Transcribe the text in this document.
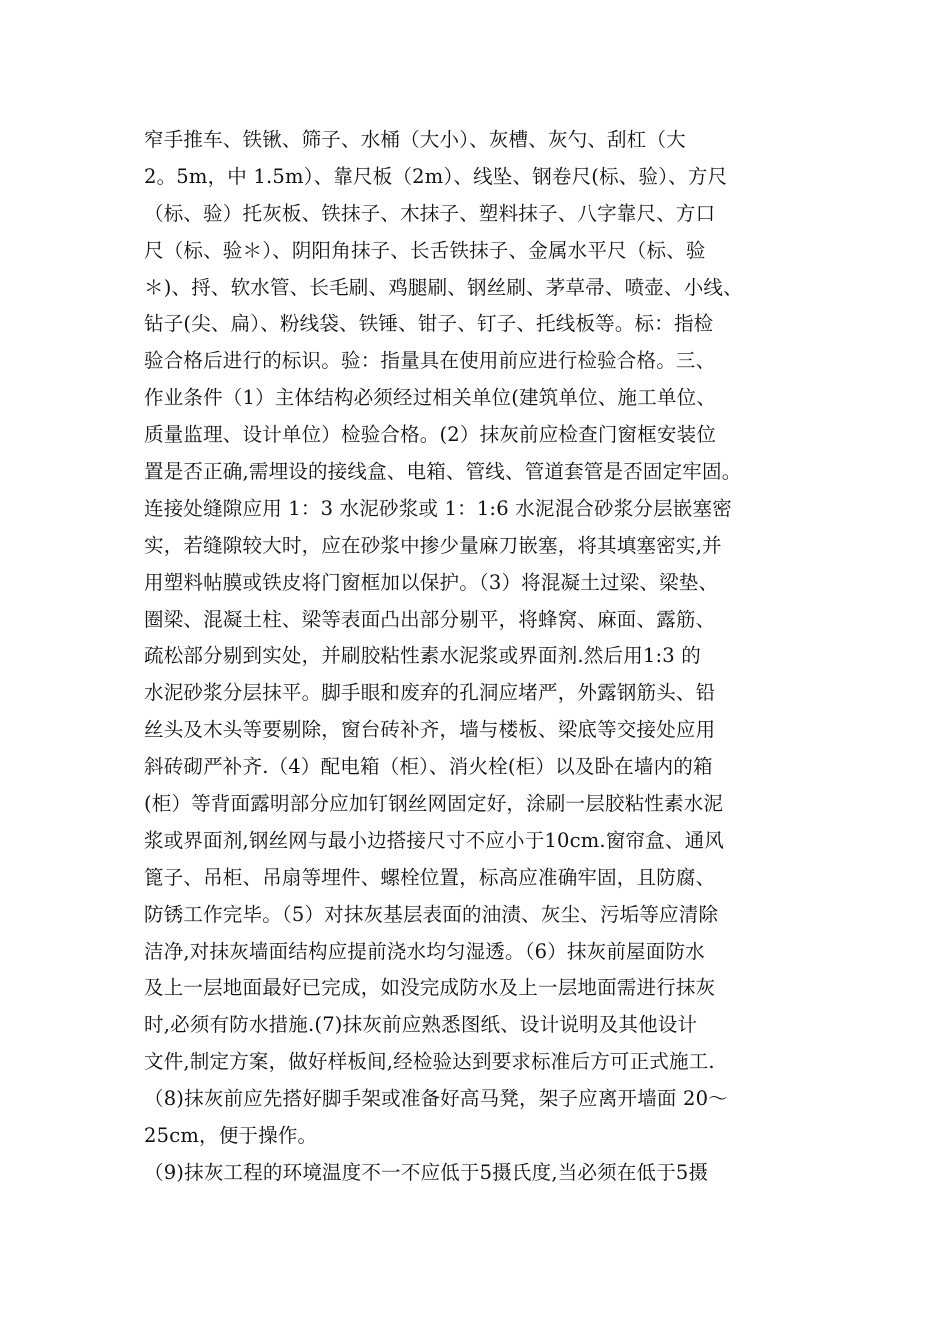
窄手推车、铁锹、筛子、水桶（大小）、灰槽、灰勺、刮杠（大
2。5m，中 1.5m）、靠尺板（2m）、线坠、钢卷尺(标、验）、方尺
（标、验）托灰板、铁抹子、木抹子、塑料抹子、八字靠尺、方口
尺（标、验＊）、阴阳角抹子、长舌铁抹子、金属水平尺（标、验
＊)、捋、软水管、长毛刷、鸡腿刷、钢丝刷、茅草帚、喷壶、小线、
钻子(尖、扁）、粉线袋、铁锤、钳子、钉子、托线板等。标：指检
验合格后进行的标识。验：指量具在使用前应进行检验合格。三、
作业条件（1）主体结构必须经过相关单位(建筑单位、施工单位、
质量监理、设计单位）检验合格。(2）抹灰前应检查门窗框安装位
置是否正确,需埋设的接线盒、电箱、管线、管道套管是否固定牢固。
连接处缝隙应用 1：3 水泥砂浆或 1：1:6 水泥混合砂浆分层嵌塞密
实，若缝隙较大时，应在砂浆中掺少量麻刀嵌塞，将其填塞密实,并
用塑料帖膜或铁皮将门窗框加以保护。（3）将混凝土过梁、梁垫、
圈梁、混凝土柱、梁等表面凸出部分剔平，将蜂窝、麻面、露筋、
疏松部分剔到实处，并刷胶粘性素水泥浆或界面剂.然后用1:3 的
水泥砂浆分层抹平。脚手眼和废弃的孔洞应堵严，外露钢筋头、铅
丝头及木头等要剔除，窗台砖补齐，墙与楼板、梁底等交接处应用
斜砖砌严补齐.（4）配电箱（柜）、消火栓(柜）以及卧在墙内的箱
(柜）等背面露明部分应加钉钢丝网固定好，涂刷一层胶粘性素水泥
浆或界面剂,钢丝网与最小边搭接尺寸不应小于10cm.窗帘盒、通风
篦子、吊柜、吊扇等埋件、螺栓位置，标高应准确牢固，且防腐、
防锈工作完毕。（5）对抹灰基层表面的油渍、灰尘、污垢等应清除
洁净,对抹灰墙面结构应提前浇水均匀湿透。（6）抹灰前屋面防水
及上一层地面最好已完成，如没完成防水及上一层地面需进行抹灰
时,必须有防水措施.(7)抹灰前应熟悉图纸、设计说明及其他设计
文件,制定方案，做好样板间,经检验达到要求标准后方可正式施工.
（8)抹灰前应先搭好脚手架或准备好高马凳，架子应离开墙面 20～
25cm，便于操作。
（9)抹灰工程的环境温度不一不应低于5摄氏度,当必须在低于5摄
